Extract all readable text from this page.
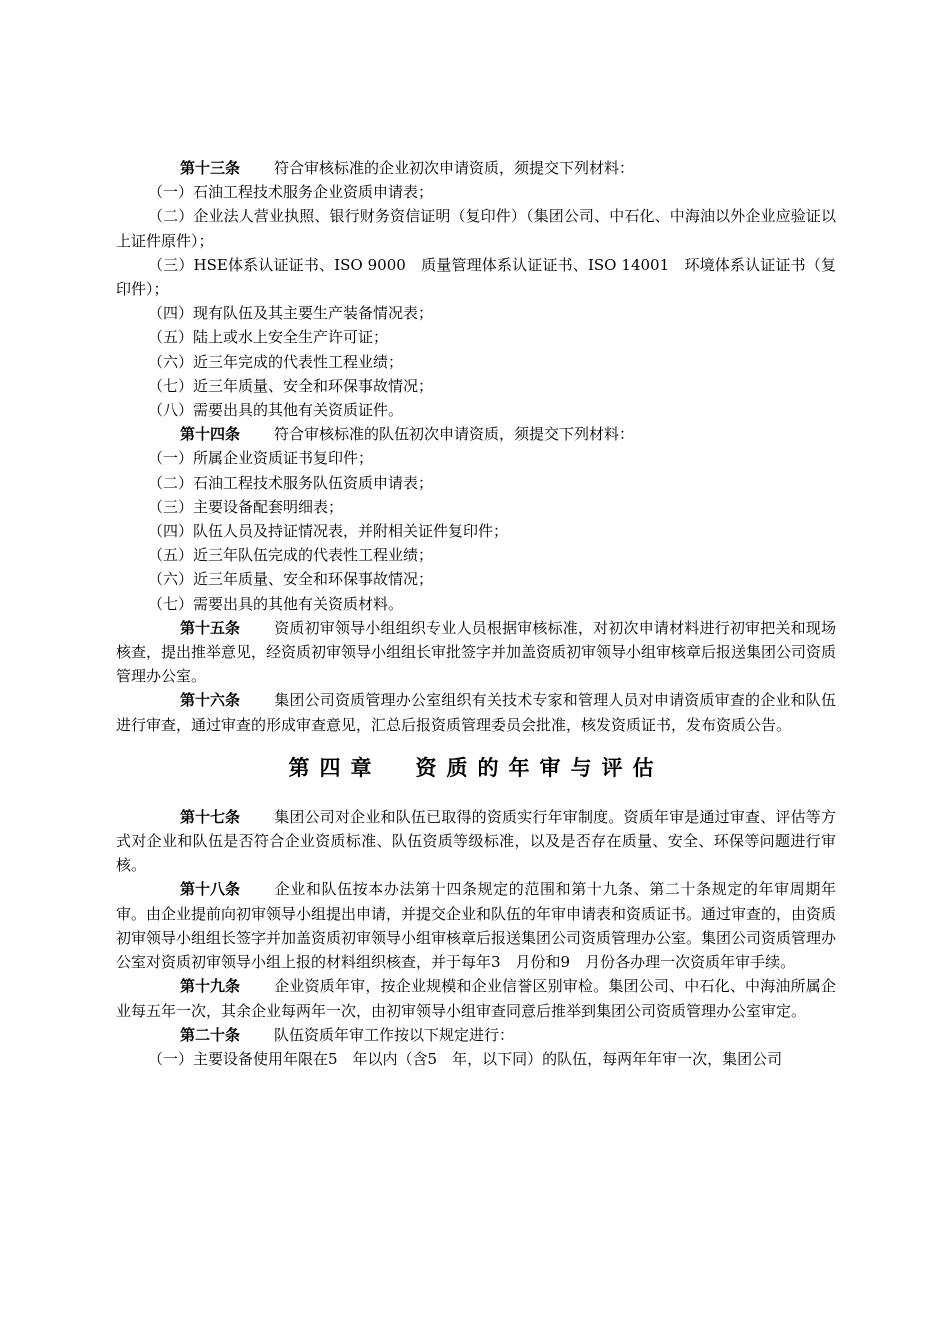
第十三条 符合审核标准的企业初次申请资质，须提交下列材料：

（一）石油工程技术服务企业资质申请表；

（二）企业法人营业执照、银行财务资信证明（复印件）（集团公司、中石化、中海油以外企业应验证以上证件原件）；

（三）HSE体系认证证书、ISO 9000　质量管理体系认证证书、ISO 14001　环境体系认证证书（复印件）；

（四）现有队伍及其主要生产装备情况表；

（五）陆上或水上安全生产许可证；

（六）近三年完成的代表性工程业绩；

（七）近三年质量、安全和环保事故情况；

（八）需要出具的其他有关资质证件。

第十四条 符合审核标准的队伍初次申请资质，须提交下列材料：

（一）所属企业资质证书复印件；

（二）石油工程技术服务队伍资质申请表；

（三）主要设备配套明细表；

（四）队伍人员及持证情况表，并附相关证件复印件；

（五）近三年队伍完成的代表性工程业绩；

（六）近三年质量、安全和环保事故情况；

（七）需要出具的其他有关资质材料。

第十五条 资质初审领导小组组织专业人员根据审核标准，对初次申请材料进行初审把关和现场核查，提出推举意见，经资质初审领导小组组长审批签字并加盖资质初审领导小组审核章后报送集团公司资质管理办公室。

第十六条 集团公司资质管理办公室组织有关技术专家和管理人员对申请资质审查的企业和队伍进行审查，通过审查的形成审查意见，汇总后报资质管理委员会批准，核发资质证书，发布资质公告。

第四章 资质的年审与评估

第十七条 集团公司对企业和队伍已取得的资质实行年审制度。资质年审是通过审查、评估等方式对企业和队伍是否符合企业资质标准、队伍资质等级标准，以及是否存在质量、安全、环保等问题进行审核。

第十八条 企业和队伍按本办法第十四条规定的范围和第十九条、第二十条规定的年审周期年审。由企业提前向初审领导小组提出申请，并提交企业和队伍的年审申请表和资质证书。通过审查的，由资质初审领导小组组长签字并加盖资质初审领导小组审核章后报送集团公司资质管理办公室。集团公司资质管理办公室对资质初审领导小组上报的材料组织核查，并于每年3　月份和9　月份各办理一次资质年审手续。

第十九条 企业资质年审，按企业规模和企业信誉区别审检。集团公司、中石化、中海油所属企业每五年一次，其余企业每两年一次，由初审领导小组审查同意后推举到集团公司资质管理办公室审定。

第二十条 队伍资质年审工作按以下规定进行：

（一）主要设备使用年限在5　年以内（含5　年，以下同）的队伍，每两年年审一次，集团公司
